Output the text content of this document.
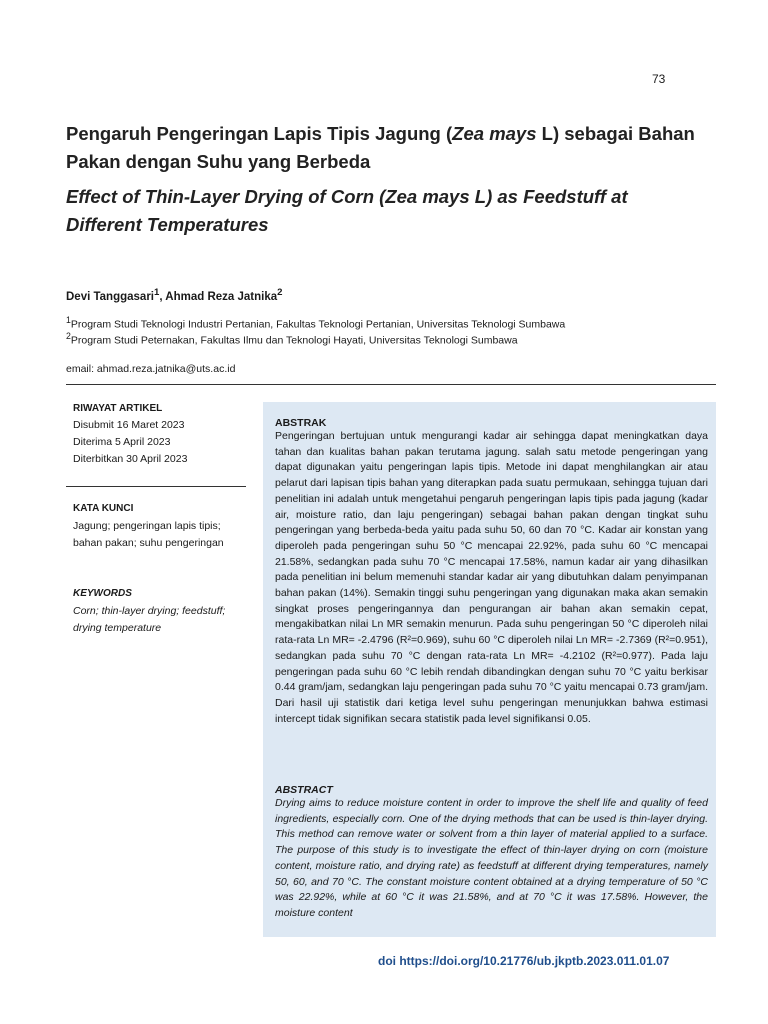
73
Pengaruh Pengeringan Lapis Tipis Jagung (Zea mays L) sebagai Bahan Pakan dengan Suhu yang Berbeda
Effect of Thin-Layer Drying of Corn (Zea mays L) as Feedstuff at Different Temperatures
Devi Tanggasari$^1$, Ahmad Reza Jatnika$^2$
$^1$Program Studi Teknologi Industri Pertanian, Fakultas Teknologi Pertanian, Universitas Teknologi Sumbawa
$^2$Program Studi Peternakan, Fakultas Ilmu dan Teknologi Hayati, Universitas Teknologi Sumbawa
email: ahmad.reza.jatnika@uts.ac.id
RIWAYAT ARTIKEL
Disubmit 16 Maret 2023
Diterima 5 April 2023
Diterbitkan 30 April 2023
KATA KUNCI
Jagung; pengeringan lapis tipis; bahan pakan; suhu pengeringan
KEYWORDS
Corn; thin-layer drying; feedstuff; drying temperature
ABSTRAK

Pengeringan bertujuan untuk mengurangi kadar air sehingga dapat meningkatkan daya tahan dan kualitas bahan pakan terutama jagung. salah satu metode pengeringan yang dapat digunakan yaitu pengeringan lapis tipis. Metode ini dapat menghilangkan air atau pelarut dari lapisan tipis bahan yang diterapkan pada suatu permukaan, sehingga tujuan dari penelitian ini adalah untuk mengetahui pengaruh pengeringan lapis tipis pada jagung (kadar air, moisture ratio, dan laju pengeringan) sebagai bahan pakan dengan tingkat suhu pengeringan yang berbeda-beda yaitu pada suhu 50, 60 dan 70 °C. Kadar air konstan yang diperoleh pada pengeringan suhu 50 °C mencapai 22.92%, pada suhu 60 °C mencapai 21.58%, sedangkan pada suhu 70 °C mencapai 17.58%, namun kadar air yang dihasilkan pada penelitian ini belum memenuhi standar kadar air yang dibutuhkan dalam penyimpanan bahan pakan (14%). Semakin tinggi suhu pengeringan yang digunakan maka akan semakin singkat proses pengeringannya dan pengurangan air bahan akan semakin cepat, mengakibatkan nilai Ln MR semakin menurun. Pada suhu pengeringan 50 °C diperoleh nilai rata-rata Ln MR= -2.4796 (R²=0.969), suhu 60 °C diperoleh nilai Ln MR= -2.7369 (R²=0.951), sedangkan pada suhu 70 °C dengan rata-rata Ln MR= -4.2102 (R²=0.977). Pada laju pengeringan pada suhu 60 °C lebih rendah dibandingkan dengan suhu 70 °C yaitu berkisar 0.44 gram/jam, sedangkan laju pengeringan pada suhu 70 °C yaitu mencapai 0.73 gram/jam. Dari hasil uji statistik dari ketiga level suhu pengeringan menunjukkan bahwa estimasi intercept tidak signifikan secara statistik pada level signifikansi 0.05.

ABSTRACT

Drying aims to reduce moisture content in order to improve the shelf life and quality of feed ingredients, especially corn. One of the drying methods that can be used is thin-layer drying. This method can remove water or solvent from a thin layer of material applied to a surface. The purpose of this study is to investigate the effect of thin-layer drying on corn (moisture content, moisture ratio, and drying rate) as feedstuff at different drying temperatures, namely 50, 60, and 70 °C. The constant moisture content obtained at a drying temperature of 50 °C was 22.92%, while at 60 °C it was 21.58%, and at 70 °C it was 17.58%. However, the moisture content

doi https://doi.org/10.21776/ub.jkptb.2023.011.01.07
